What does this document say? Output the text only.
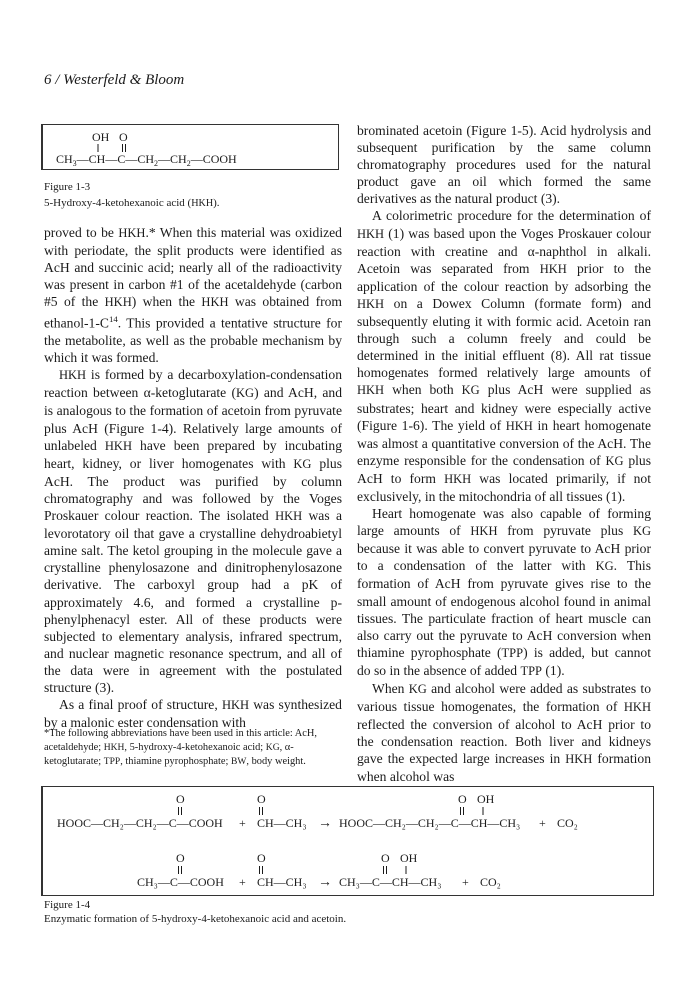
6 / Westerfeld & Bloom
OH O
$CH_3—CH—C—CH_2—CH_2—COOH$
Figure 1-3
5-Hydroxy-4-ketohexanoic acid (HKH).

proved to be HKH.* When this material was oxidized with periodate, the split products were identified as AcH and succinic acid; nearly all of the radioactivity was present in carbon #1 of the acetaldehyde (carbon #5 of the HKH) when the HKH was obtained from ethanol-$1-C^{14}$. This provided a tentative structure for the metabolite, as well as the probable mechanism by which it was formed.

HKH is formed by a decarboxylation-condensation reaction between α-ketoglutarate (KG) and AcH, and is analogous to the formation of acetoin from pyruvate plus AcH (Figure 1-4). Relatively large amounts of unlabeled HKH have been prepared by incubating heart, kidney, or liver homogenates with KG plus AcH. The product was purified by column chromatography and was followed by the Voges Proskauer colour reaction. The isolated HKH was a levorotatory oil that gave a crystalline dehydroabietyl amine salt. The ketol grouping in the molecule gave a crystalline phenylosazone and dinitrophenylosazone derivative. The carboxyl group had a pK of approximately 4.6, and formed a crystalline p-phenylphenacyl ester. All of these products were subjected to elementary analysis, infrared spectrum, and nuclear magnetic resonance spectrum, and all of the data were in agreement with the postulated structure (3).

As a final proof of structure, HKH was synthesized by a malonic ester condensation with

*The following abbreviations have been used in this article: AcH, acetaldehyde; HKH, 5-hydroxy-4-ketohexanoic acid; KG, α-ketoglutarate; TPP, thiamine pyrophosphate; BW, body weight.

brominated acetoin (Figure 1-5). Acid hydrolysis and subsequent purification by the same column chromatography procedures used for the natural product gave an oil which formed the same derivatives as the natural product (3).

A colorimetric procedure for the determination of HKH (1) was based upon the Voges Proskauer colour reaction with creatine and α-naphthol in alkali. Acetoin was separated from HKH prior to the application of the colour reaction by adsorbing the HKH on a Dowex Column (formate form) and subsequently eluting it with formic acid. Acetoin ran through such a column freely and could be determined in the initial effluent (8). All rat tissue homogenates formed relatively large amounts of HKH when both KG plus AcH were supplied as substrates; heart and kidney were especially active (Figure 1-6). The yield of HKH in heart homogenate was almost a quantitative conversion of the AcH. The enzyme responsible for the condensation of KG plus AcH to form HKH was located primarily, if not exclusively, in the mitochondria of all tissues (1).

Heart homogenate was also capable of forming large amounts of HKH from pyruvate plus KG because it was able to convert pyruvate to AcH prior to a condensation of the latter with KG. This formation of AcH from pyruvate gives rise to the small amount of endogenous alcohol found in animal tissues. The particulate fraction of heart muscle can also carry out the pyruvate to AcH conversion when thiamine pyrophosphate (TPP) is added, but cannot do so in the absence of added TPP (1).

When KG and alcohol were added as substrates to various tissue homogenates, the formation of HKH reflected the conversion of alcohol to AcH prior to the condensation reaction. Both liver and kidneys gave the expected large increases in HKH formation when alcohol was

O	O	O OH
HOOC—CH₂—CH₂—C—COOH + CH—CH₃ → HOOC—CH₂—CH₂—C—CH—CH₃ + CO₂
O	O	O OH
CH₃—C—COOH + CH—CH₃ → CH₃—C—CH—CH₃ + CO₂
Figure 1-4
Enzymatic formation of 5-hydroxy-4-ketohexanoic acid and acetoin.
